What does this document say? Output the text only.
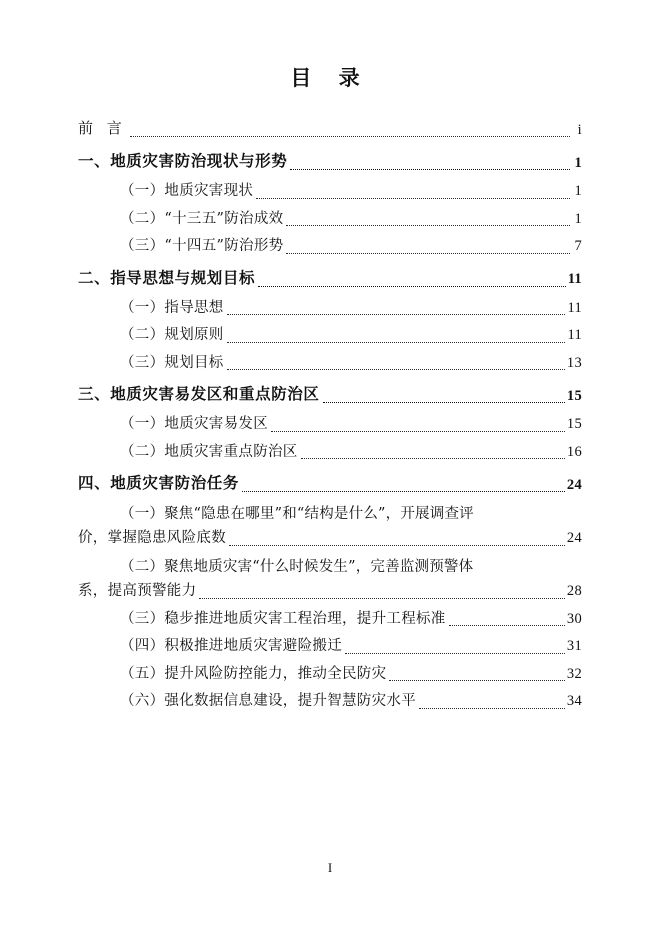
目 录
前 言	i
一、地质灾害防治现状与形势	1
（一）地质灾害现状	1
（二）“十三五”防治成效	1
（三）“十四五”防治形势	7
二、指导思想与规划目标	11
（一）指导思想	11
（二）规划原则	11
（三）规划目标	13
三、地质灾害易发区和重点防治区	15
（一）地质灾害易发区	15
（二）地质灾害重点防治区	16
四、地质灾害防治任务	24
（一）聚焦“隐患在哪里”和“结构是什么”，开展调查评
价，掌握隐患风险底数	24
（二）聚焦地质灾害“什么时候发生”，完善监测预警体
系，提高预警能力	28
（三）稳步推进地质灾害工程治理，提升工程标准	30
（四）积极推进地质灾害避险搬迁	31
（五）提升风险防控能力，推动全民防灾	32
（六）强化数据信息建设，提升智慧防灾水平	34
I
